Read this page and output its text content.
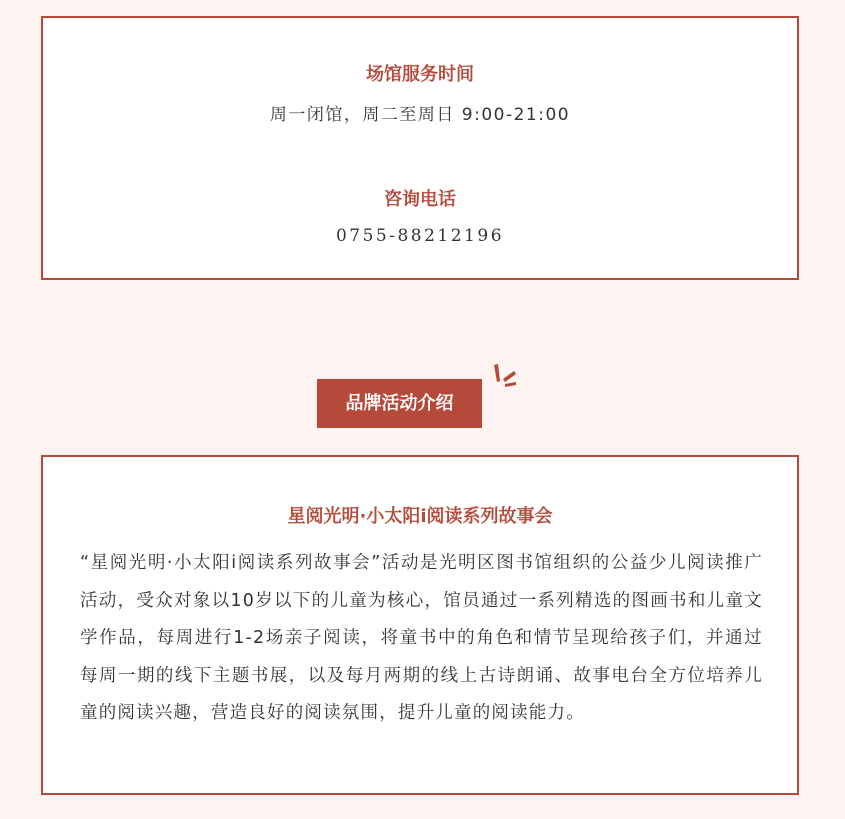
场馆服务时间
周一闭馆，周二至周日 9:00-21:00
咨询电话
0755-88212196
品牌活动介绍
星阅光明·小太阳i阅读系列故事会
“星阅光明·小太阳i阅读系列故事会”活动是光明区图书馆组织的公益少儿阅读推广活动，受众对象以10岁以下的儿童为核心，馆员通过一系列精选的图画书和儿童文学作品，每周进行1-2场亲子阅读，将童书中的角色和情节呈现给孩子们，并通过每周一期的线下主题书展，以及每月两期的线上古诗朗诵、故事电台全方位培养儿童的阅读兴趣，营造良好的阅读氛围，提升儿童的阅读能力。
